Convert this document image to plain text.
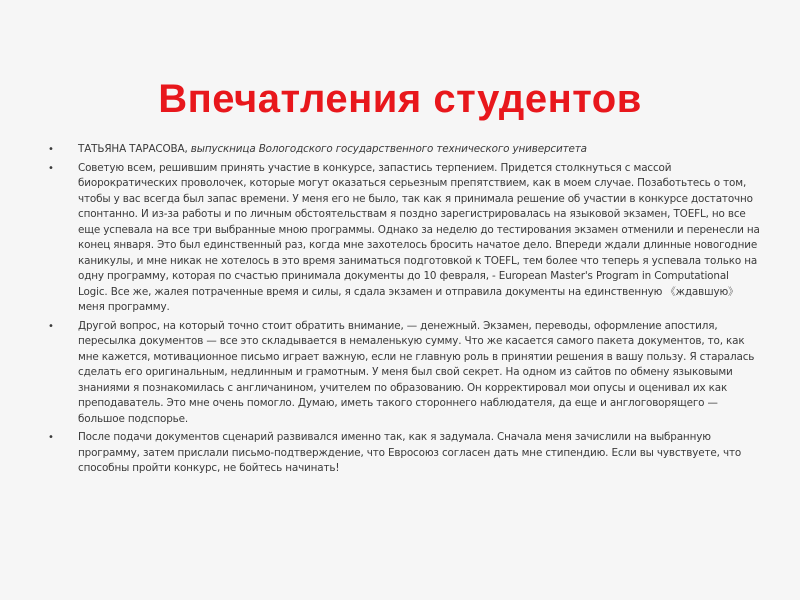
Впечатления студентов
•	ТАТЬЯНА ТАРАСОВА, выпускница Вологодского государственного технического университета
•	Советую всем, решившим принять участие в конкурсе, запастись терпением. Придется столкнуться с массой биорократических проволочек, которые могут оказаться серьезным препятствием, как в моем случае. Позаботьтесь о том, чтобы у вас всегда был запас времени. У меня его не было, так как я принимала решение об участии в конкурсе достаточно спонтанно. И из-за работы и по личным обстоятельствам я поздно зарегистрировалась на языковой экзамен, TOEFL, но все еще успевала на все три выбранные мною программы. Однако за неделю до тестирования экзамен отменили и перенесли на конец января. Это был единственный раз, когда мне захотелось бросить начатое дело. Впереди ждали длинные новогодние каникулы, и мне никак не хотелось в это время заниматься подготовкой к TOEFL, тем более что теперь я успевала только на одну программу, которая по счастью принимала документы до 10 февраля, - European Master's Program in Computational Logic. Все же, жалея потраченные время и силы, я сдала экзамен и отправила документы на единственную 《ждавшую》 меня программу.
•	Другой вопрос, на который точно стоит обратить внимание, — денежный. Экзамен, переводы, оформление апостиля, пересылка документов — все это складывается в немаленькую сумму. Что же касается самого пакета документов, то, как мне кажется, мотивационное письмо играет важную, если не главную роль в принятии решения в вашу пользу. Я старалась сделать его оригинальным, недлинным и грамотным. У меня был свой секрет. На одном из сайтов по обмену языковыми знаниями я познакомилась с англичанином, учителем по образованию. Он корректировал мои опусы и оценивал их как преподаватель. Это мне очень помогло. Думаю, иметь такого стороннего наблюдателя, да еще и англоговорящего — большое подспорье.
•	После подачи документов сценарий развивался именно так, как я задумала. Сначала меня зачислили на выбранную программу, затем прислали письмо-подтверждение, что Евросоюз согласен дать мне стипендию. Если вы чувствуете, что способны пройти конкурс, не бойтесь начинать!
